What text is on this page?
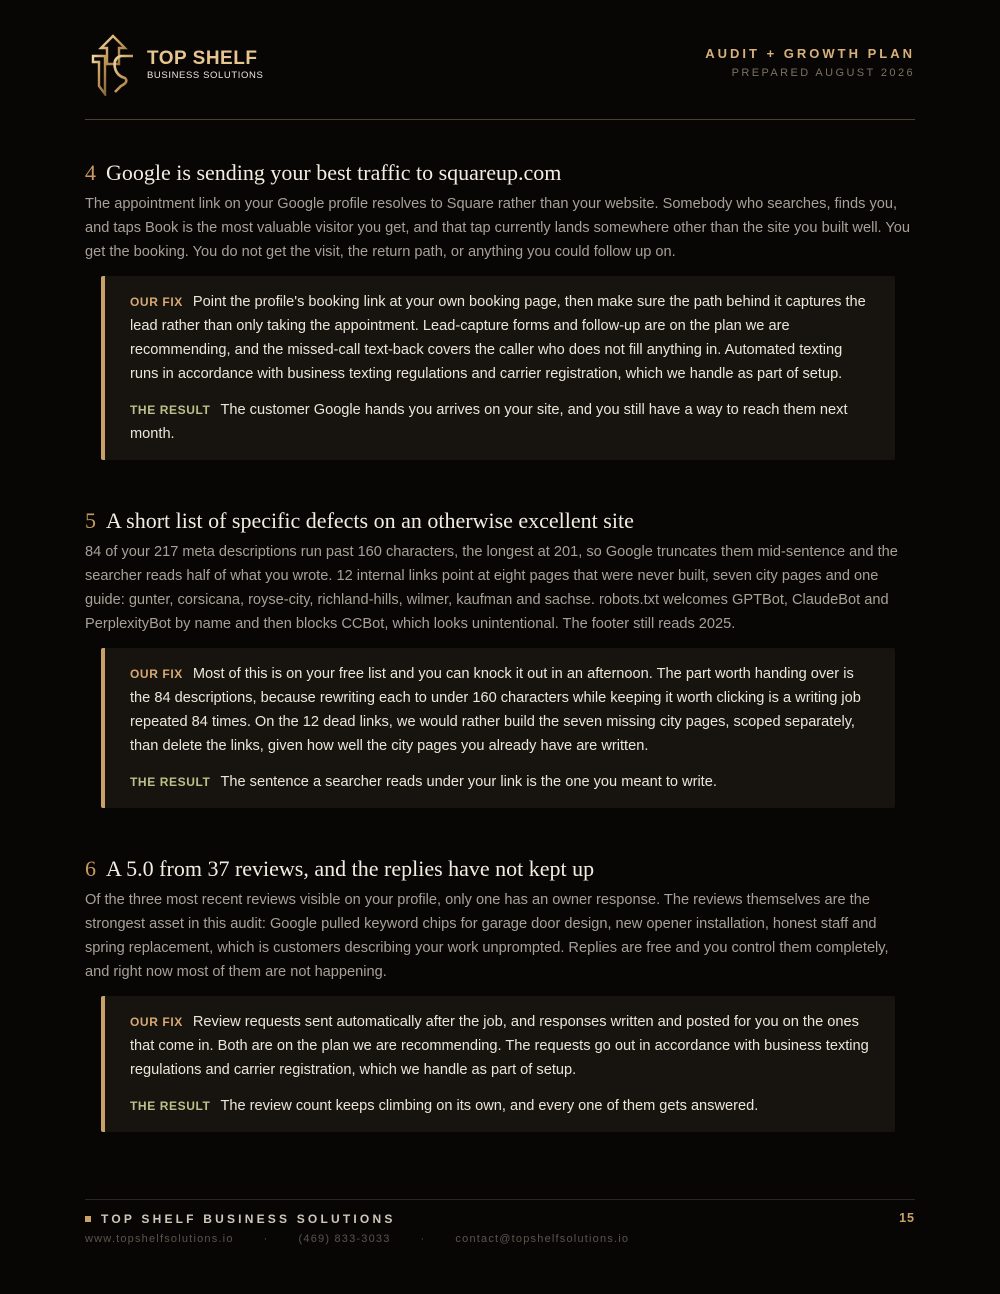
TOP SHELF
BUSINESS SOLUTIONS
AUDIT + GROWTH PLAN
PREPARED AUGUST 2026
4 Google is sending your best traffic to squareup.com

The appointment link on your Google profile resolves to Square rather than your website. Somebody who searches, finds you, and taps Book is the most valuable visitor you get, and that tap currently lands somewhere other than the site you built well. You get the booking. You do not get the visit, the return path, or anything you could follow up on.

OUR FIX Point the profile's booking link at your own booking page, then make sure the path behind it captures the lead rather than only taking the appointment. Lead-capture forms and follow-up are on the plan we are recommending, and the missed-call text-back covers the caller who does not fill anything in. Automated texting runs in accordance with business texting regulations and carrier registration, which we handle as part of setup.

THE RESULT The customer Google hands you arrives on your site, and you still have a way to reach them next month.

5 A short list of specific defects on an otherwise excellent site

84 of your 217 meta descriptions run past 160 characters, the longest at 201, so Google truncates them mid-sentence and the searcher reads half of what you wrote. 12 internal links point at eight pages that were never built, seven city pages and one guide: gunter, corsicana, royse-city, richland-hills, wilmer, kaufman and sachse. robots.txt welcomes GPTBot, ClaudeBot and PerplexityBot by name and then blocks CCBot, which looks unintentional. The footer still reads 2025.

OUR FIX Most of this is on your free list and you can knock it out in an afternoon. The part worth handing over is the 84 descriptions, because rewriting each to under 160 characters while keeping it worth clicking is a writing job repeated 84 times. On the 12 dead links, we would rather build the seven missing city pages, scoped separately, than delete the links, given how well the city pages you already have are written.

THE RESULT The sentence a searcher reads under your link is the one you meant to write.

6 A 5.0 from 37 reviews, and the replies have not kept up

Of the three most recent reviews visible on your profile, only one has an owner response. The reviews themselves are the strongest asset in this audit: Google pulled keyword chips for garage door design, new opener installation, honest staff and spring replacement, which is customers describing your work unprompted. Replies are free and you control them completely, and right now most of them are not happening.

OUR FIX Review requests sent automatically after the job, and responses written and posted for you on the ones that come in. Both are on the plan we are recommending. The requests go out in accordance with business texting regulations and carrier registration, which we handle as part of setup.

THE RESULT The review count keeps climbing on its own, and every one of them gets answered.

TOP SHELF BUSINESS SOLUTIONS	15
www.topshelfsolutions.io	·	(469) 833-3033	·	contact@topshelfsolutions.io
